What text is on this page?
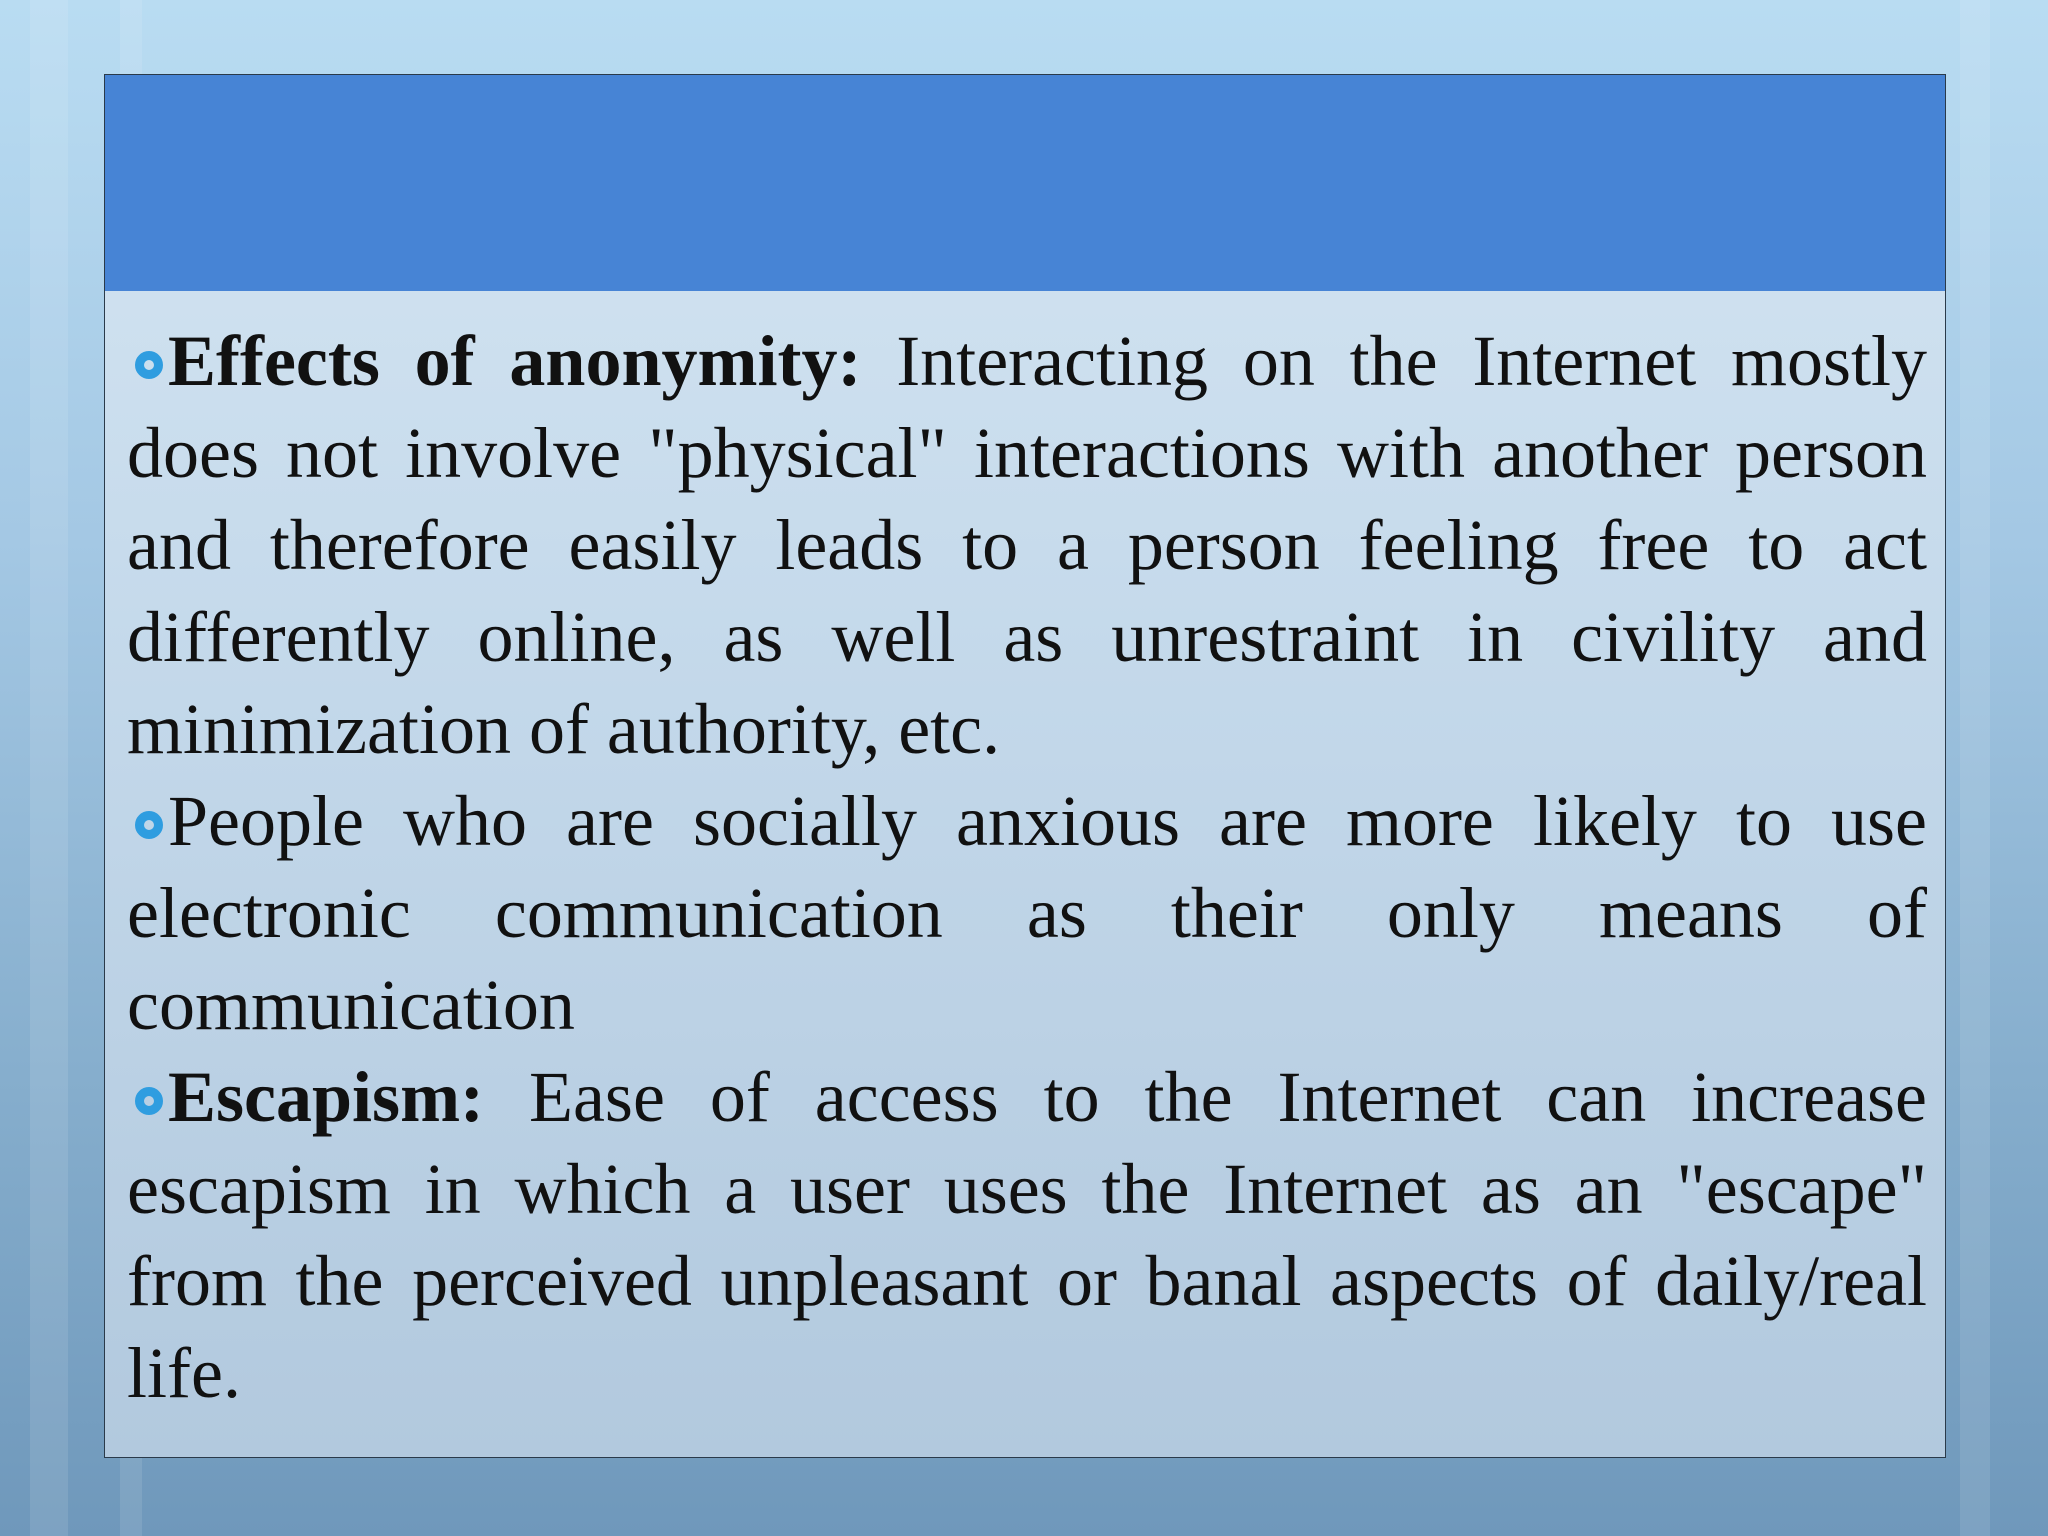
Effects of anonymity: Interacting on the Internet mostly does not involve "physical" interactions with another person and therefore easily leads to a person feeling free to act differently online, as well as unrestraint in civility and minimization of authority, etc.

People who are socially anxious are more likely to use electronic communication as their only means of communication

Escapism: Ease of access to the Internet can increase escapism in which a user uses the Internet as an "escape" from the perceived unpleasant or banal aspects of daily/real life.
